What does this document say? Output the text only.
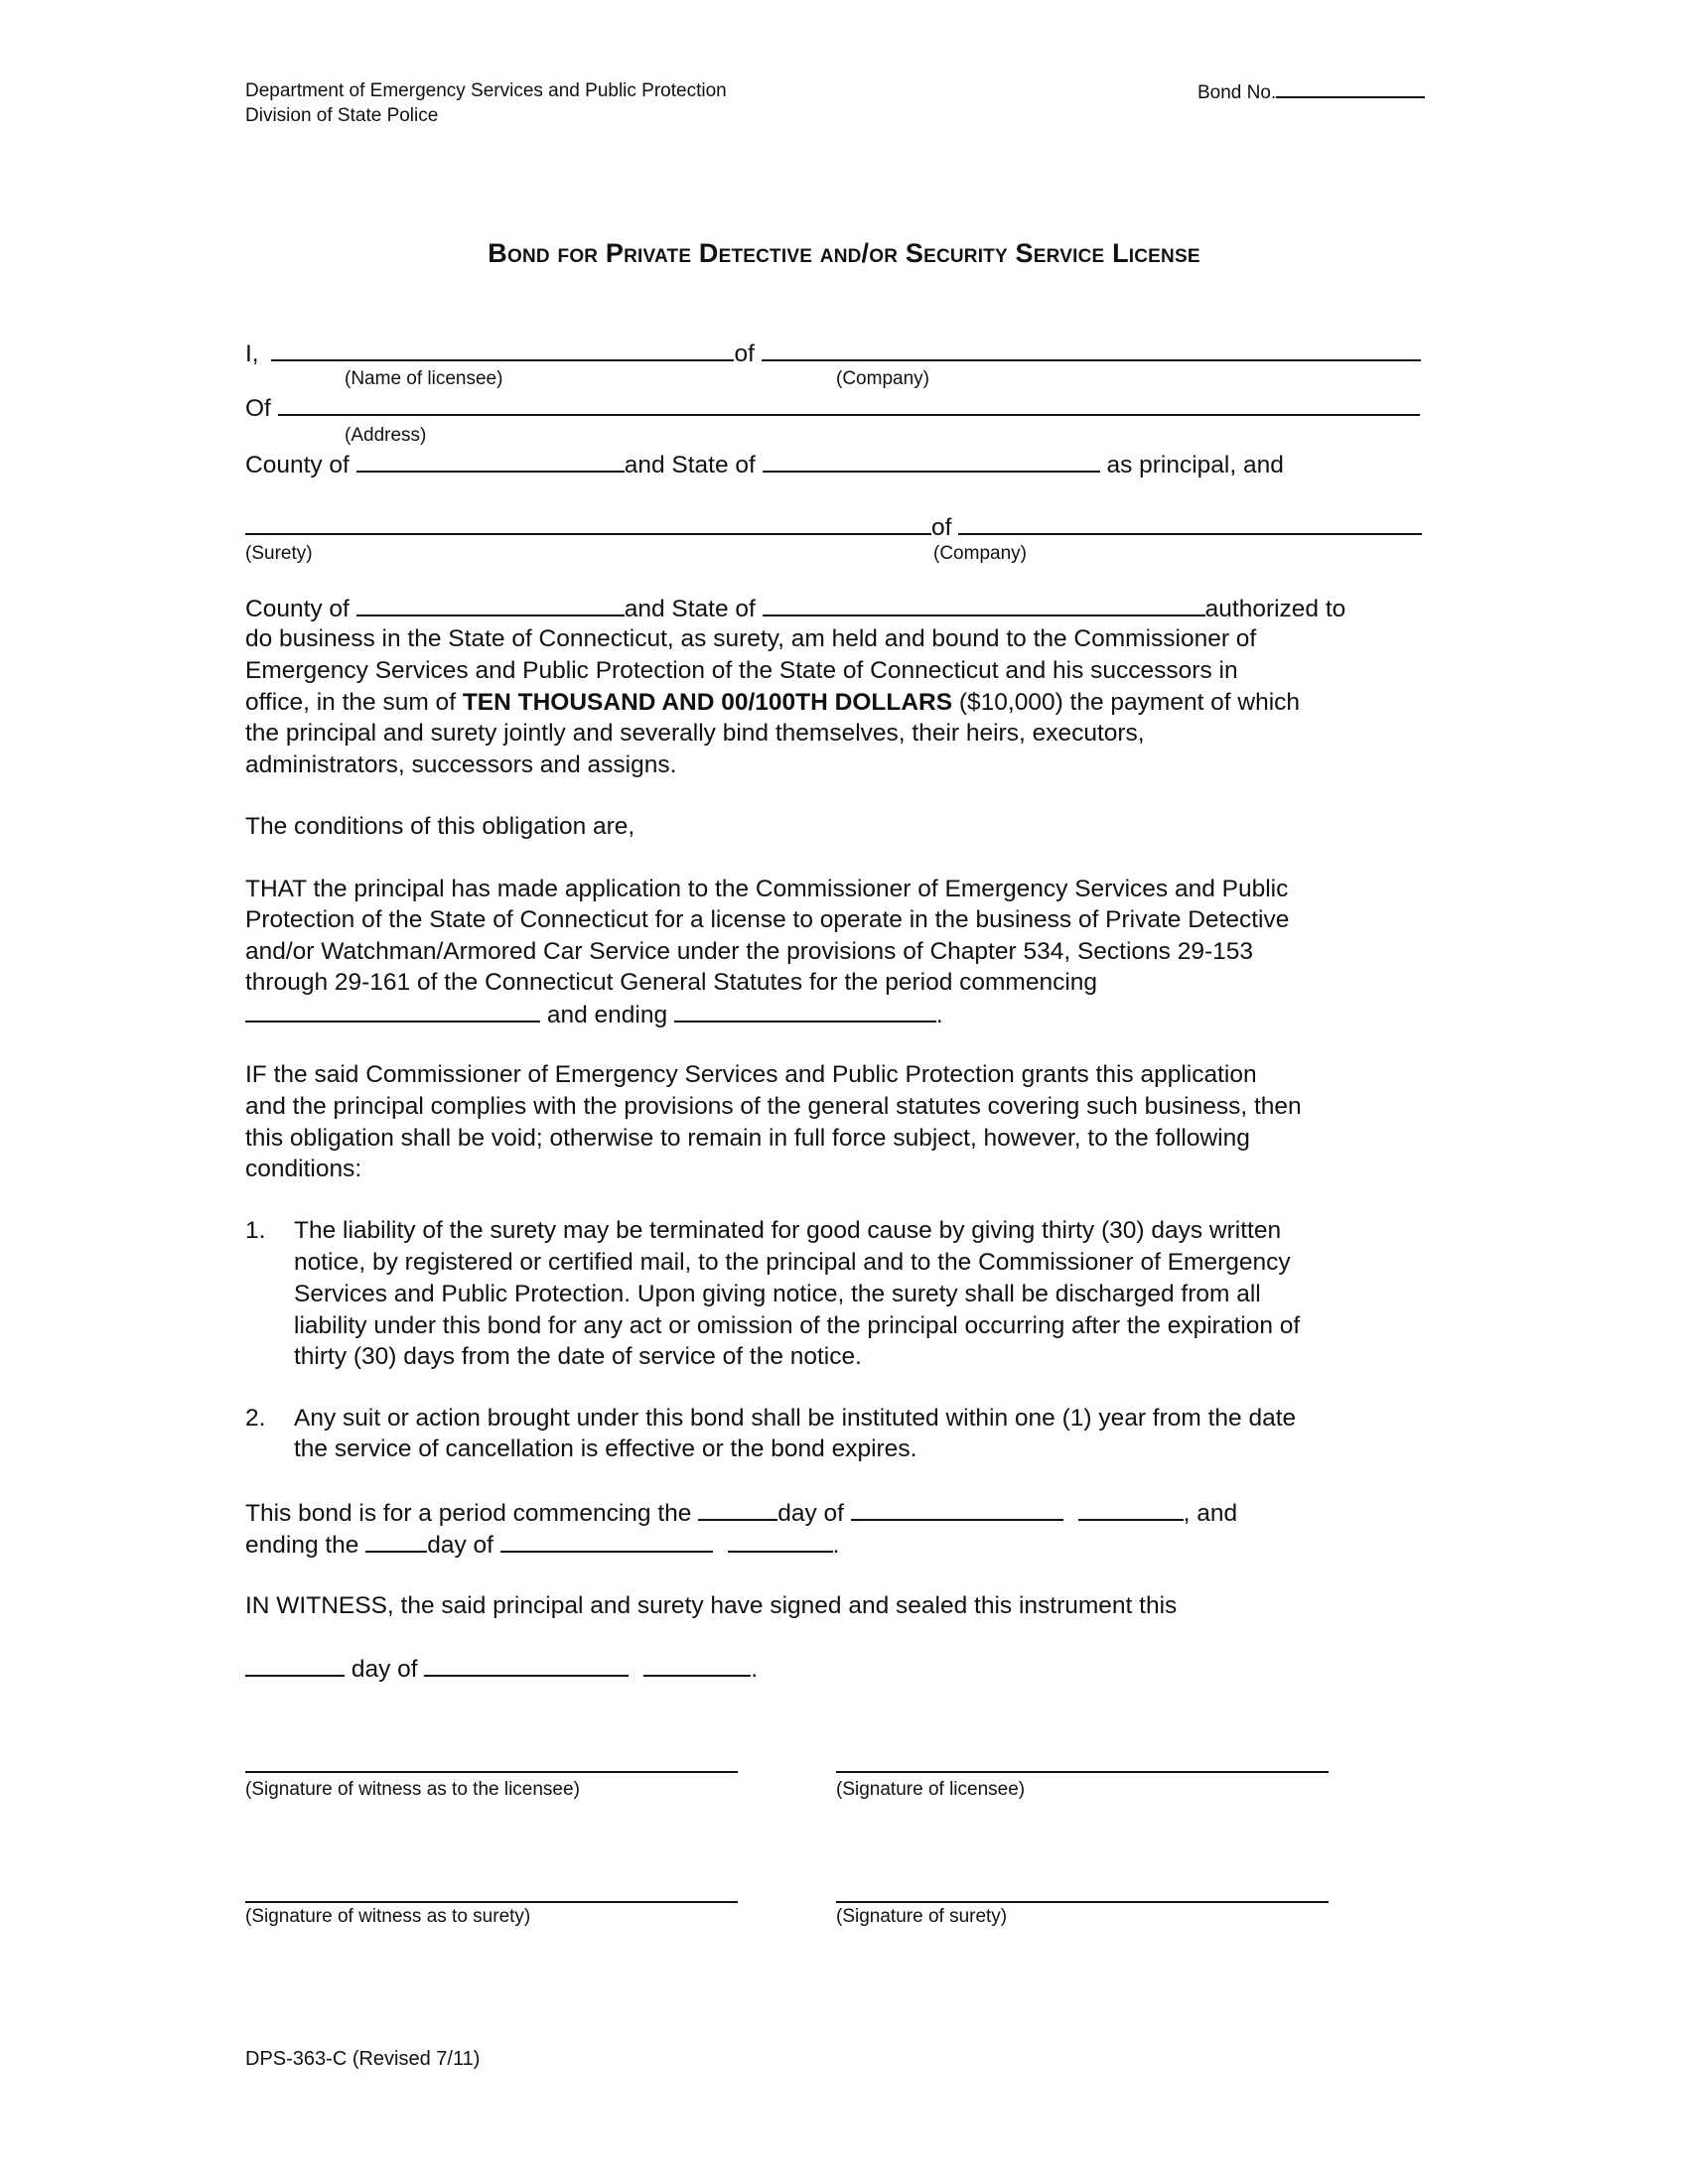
Department of Emergency Services and Public Protection
Division of State Police
Bond No.
Bond for Private Detective and/or Security Service License
I,	of
(Name of licensee)	(Company)
Of
(Address)
County of	and State of	as principal, and
of
(Surety)	(Company)
County of	and State of	authorized to
do business in the State of Connecticut, as surety, am held and bound to the Commissioner of
Emergency Services and Public Protection of the State of Connecticut and his successors in
office, in the sum of TEN THOUSAND AND 00/100TH DOLLARS ($10,000) the payment of which
the principal and surety jointly and severally bind themselves, their heirs, executors,
administrators, successors and assigns.
The conditions of this obligation are,
THAT the principal has made application to the Commissioner of Emergency Services and Public
Protection of the State of Connecticut for a license to operate in the business of Private Detective
and/or Watchman/Armored Car Service under the provisions of Chapter 534, Sections 29-153
through 29-161 of the Connecticut General Statutes for the period commencing
and ending	.
IF the said Commissioner of Emergency Services and Public Protection grants this application
and the principal complies with the provisions of the general statutes covering such business, then
this obligation shall be void; otherwise to remain in full force subject, however, to the following
conditions:
1. The liability of the surety may be terminated for good cause by giving thirty (30) days written
notice, by registered or certified mail, to the principal and to the Commissioner of Emergency
Services and Public Protection. Upon giving notice, the surety shall be discharged from all
liability under this bond for any act or omission of the principal occurring after the expiration of
thirty (30) days from the date of service of the notice.
2. Any suit or action brought under this bond shall be instituted within one (1) year from the date
the service of cancellation is effective or the bond expires.
This bond is for a period commencing the	day of	, and
ending the	day of	.
IN WITNESS, the said principal and surety have signed and sealed this instrument this
day of	.
(Signature of witness as to the licensee)	(Signature of licensee)
(Signature of witness as to surety)	(Signature of surety)
DPS-363-C (Revised 7/11)
